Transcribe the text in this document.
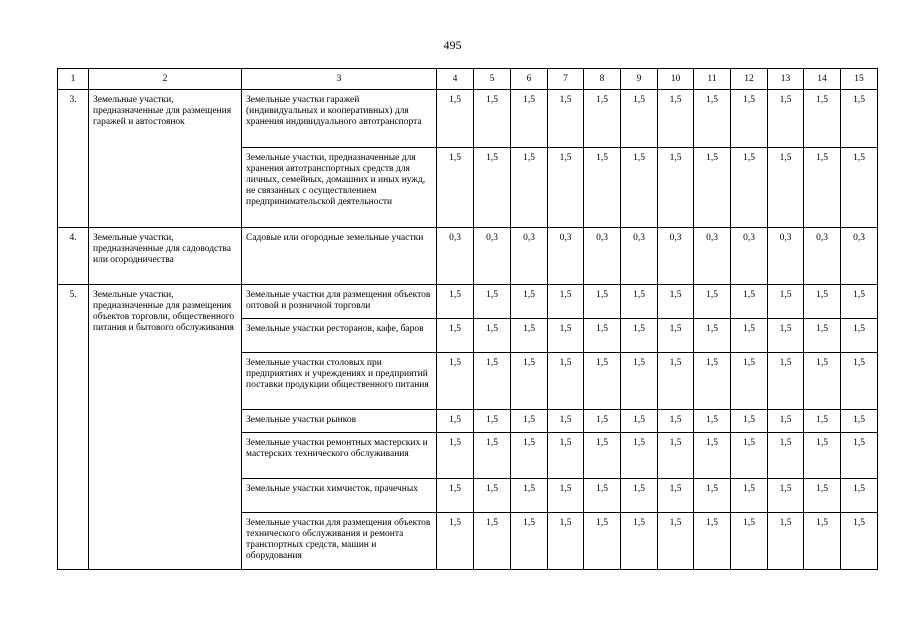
495
1	2	3	4	5	6	7	8	9	10	11	12	13	14	15
3.	Земельные участки, предназначенные для размещения гаражей и автостоянок	Земельные участки гаражей (индивидуальных и кооперативных) для хранения индивидуального автотранспорта	1,5	1,5	1,5	1,5	1,5	1,5	1,5	1,5	1,5	1,5	1,5	1,5
		Земельные участки, предназначенные для хранения автотранспортных средств для личных, семейных, домашних и иных нужд, не связанных с осуществлением предпринимательской деятельности	1,5	1,5	1,5	1,5	1,5	1,5	1,5	1,5	1,5	1,5	1,5	1,5
4.	Земельные участки, предназначенные для садоводства или огородничества	Садовые или огородные земельные участки	0,3	0,3	0,3	0,3	0,3	0,3	0,3	0,3	0,3	0,3	0,3	0,3
5.	Земельные участки, предназначенные для размещения объектов торговли, общественного питания и бытового обслуживания	Земельные участки для размещения объектов оптовой и розничной торговли	1,5	1,5	1,5	1,5	1,5	1,5	1,5	1,5	1,5	1,5	1,5	1,5
		Земельные участки ресторанов, кафе, баров	1,5	1,5	1,5	1,5	1,5	1,5	1,5	1,5	1,5	1,5	1,5	1,5
		Земельные участки столовых при предприятиях и учреждениях и предприятий поставки продукции общественного питания	1,5	1,5	1,5	1,5	1,5	1,5	1,5	1,5	1,5	1,5	1,5	1,5
		Земельные участки рынков	1,5	1,5	1,5	1,5	1,5	1,5	1,5	1,5	1,5	1,5	1,5	1,5
		Земельные участки ремонтных мастерских и мастерских технического обслуживания	1,5	1,5	1,5	1,5	1,5	1,5	1,5	1,5	1,5	1,5	1,5	1,5
		Земельные участки химчисток, прачечных	1,5	1,5	1,5	1,5	1,5	1,5	1,5	1,5	1,5	1,5	1,5	1,5
		Земельные участки для размещения объектов технического обслуживания и ремонта транспортных средств, машин и оборудования	1,5	1,5	1,5	1,5	1,5	1,5	1,5	1,5	1,5	1,5	1,5	1,5
